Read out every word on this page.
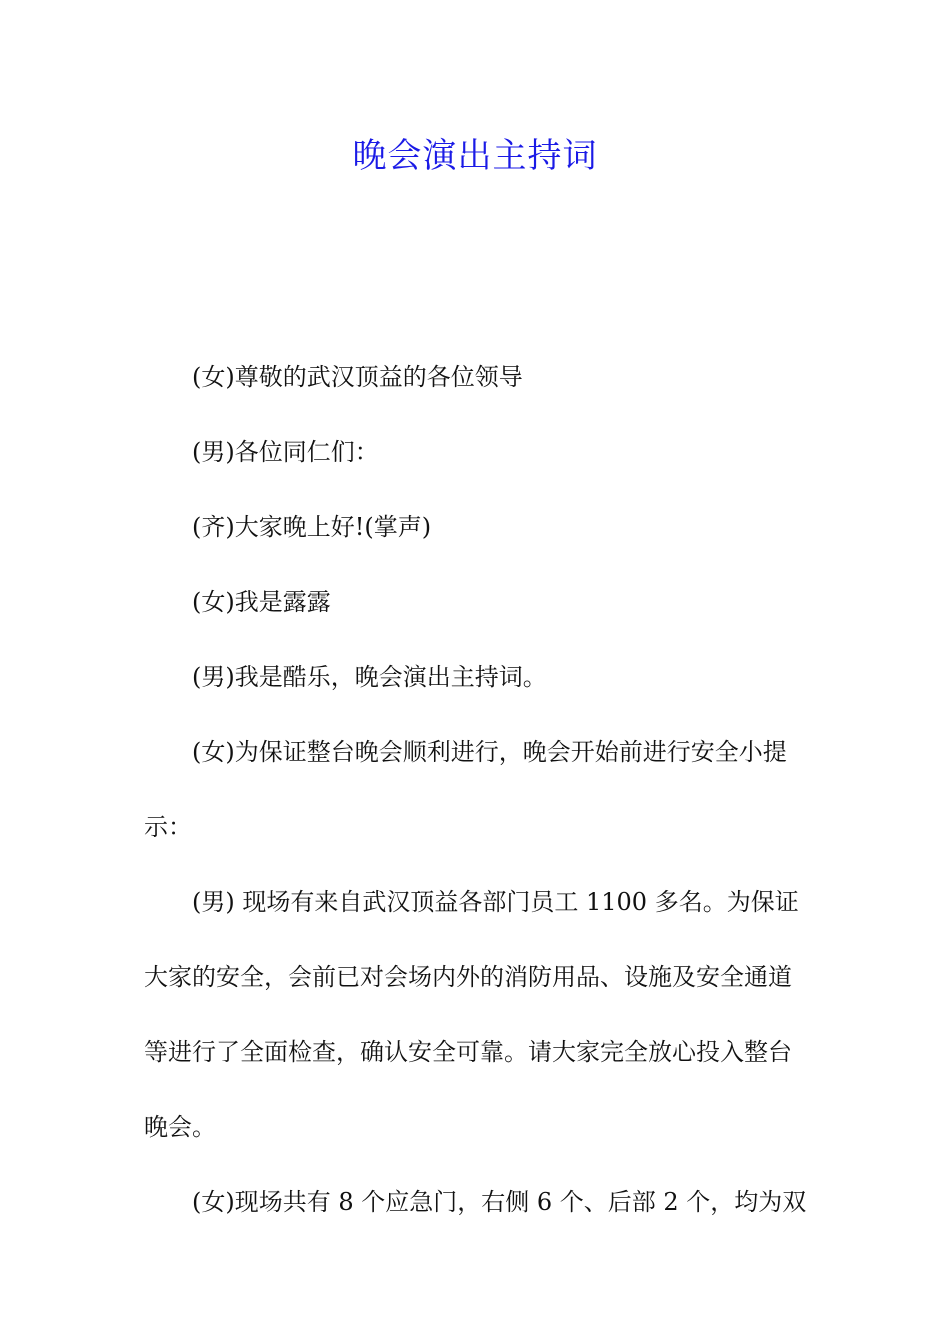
晚会演出主持词

(女)尊敬的武汉顶益的各位领导

(男)各位同仁们：

(齐)大家晚上好!(掌声)

(女)我是露露

(男)我是酷乐，晚会演出主持词。

(女)为保证整台晚会顺利进行，晚会开始前进行安全小提示：

(男) 现场有来自武汉顶益各部门员工 1100 多名。为保证大家的安全，会前已对会场内外的消防用品、设施及安全通道等进行了全面检查，确认安全可靠。请大家完全放心投入整台晚会。

(女)现场共有 8 个应急门，右侧 6 个、后部 2 个，均为双
